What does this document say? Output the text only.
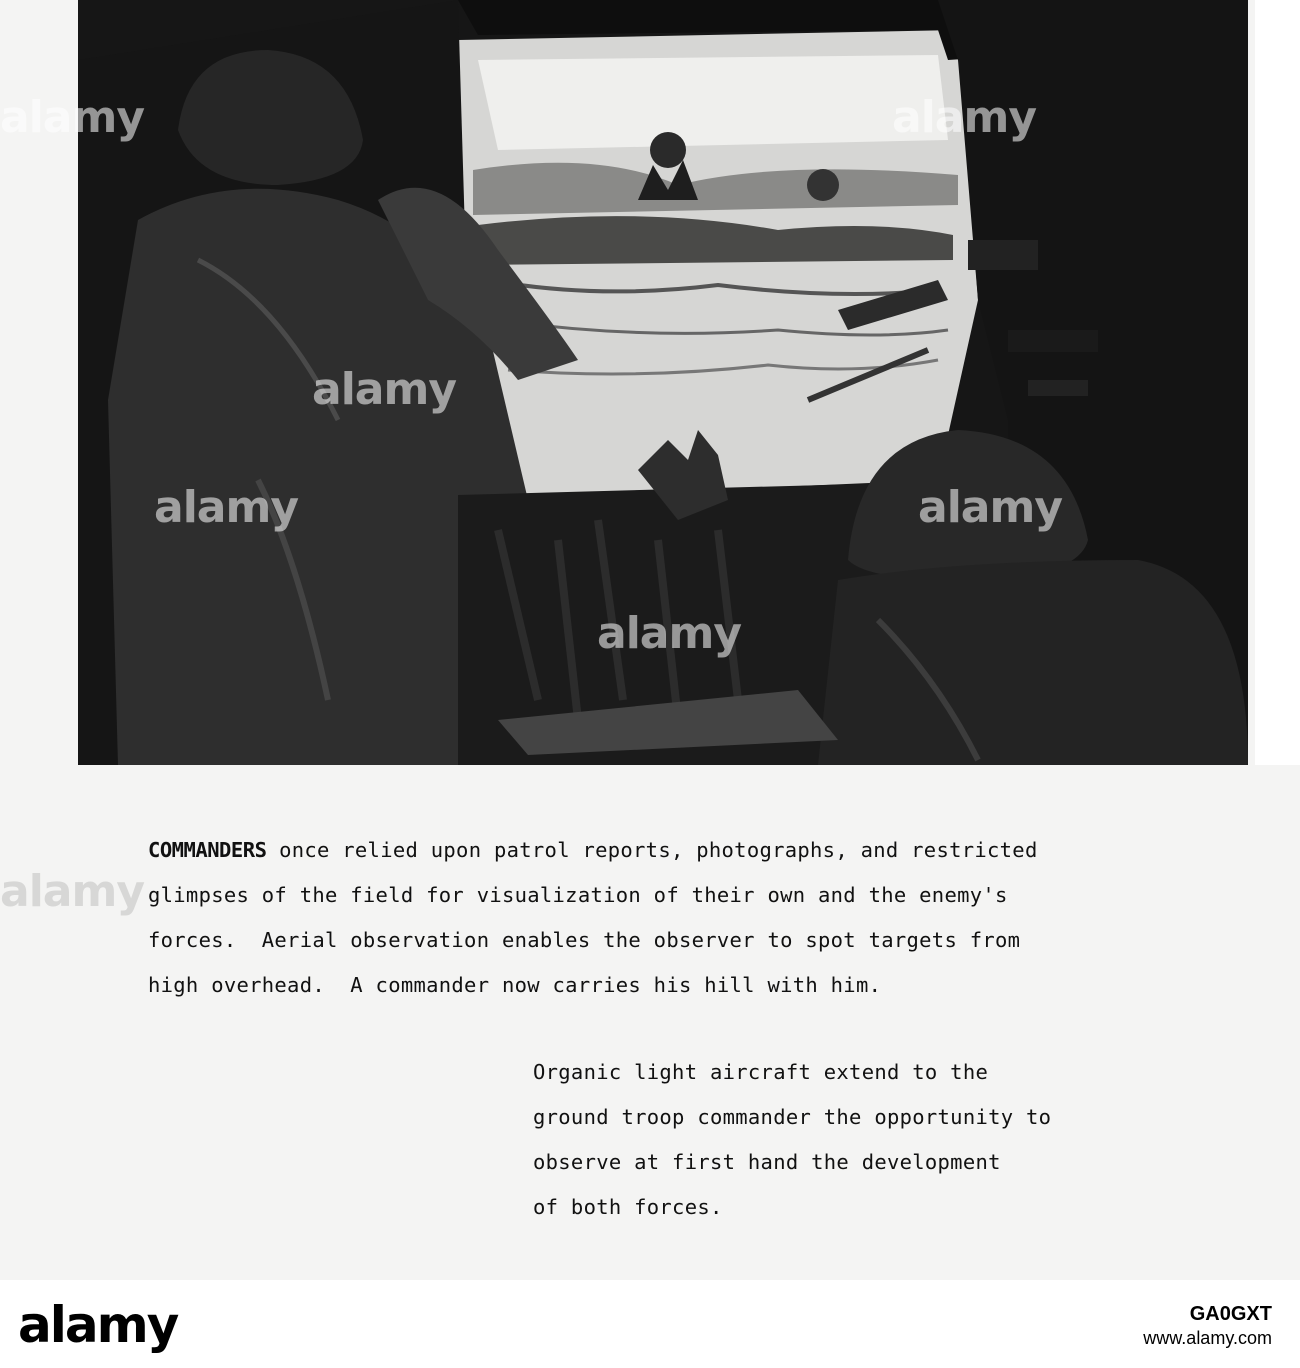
alamy	alamy
alamy
alamy	alamy
alamy
alamy
COMMANDERS once relied upon patrol reports, photographs, and restricted
glimpses of the field for visualization of their own and the enemy's
forces.  Aerial observation enables the observer to spot targets from
high overhead.  A commander now carries his hill with him.
Organic light aircraft extend to the
ground troop commander the opportunity to
observe at first hand the development
of both forces.
alamy	GA0GXT
www.alamy.com
